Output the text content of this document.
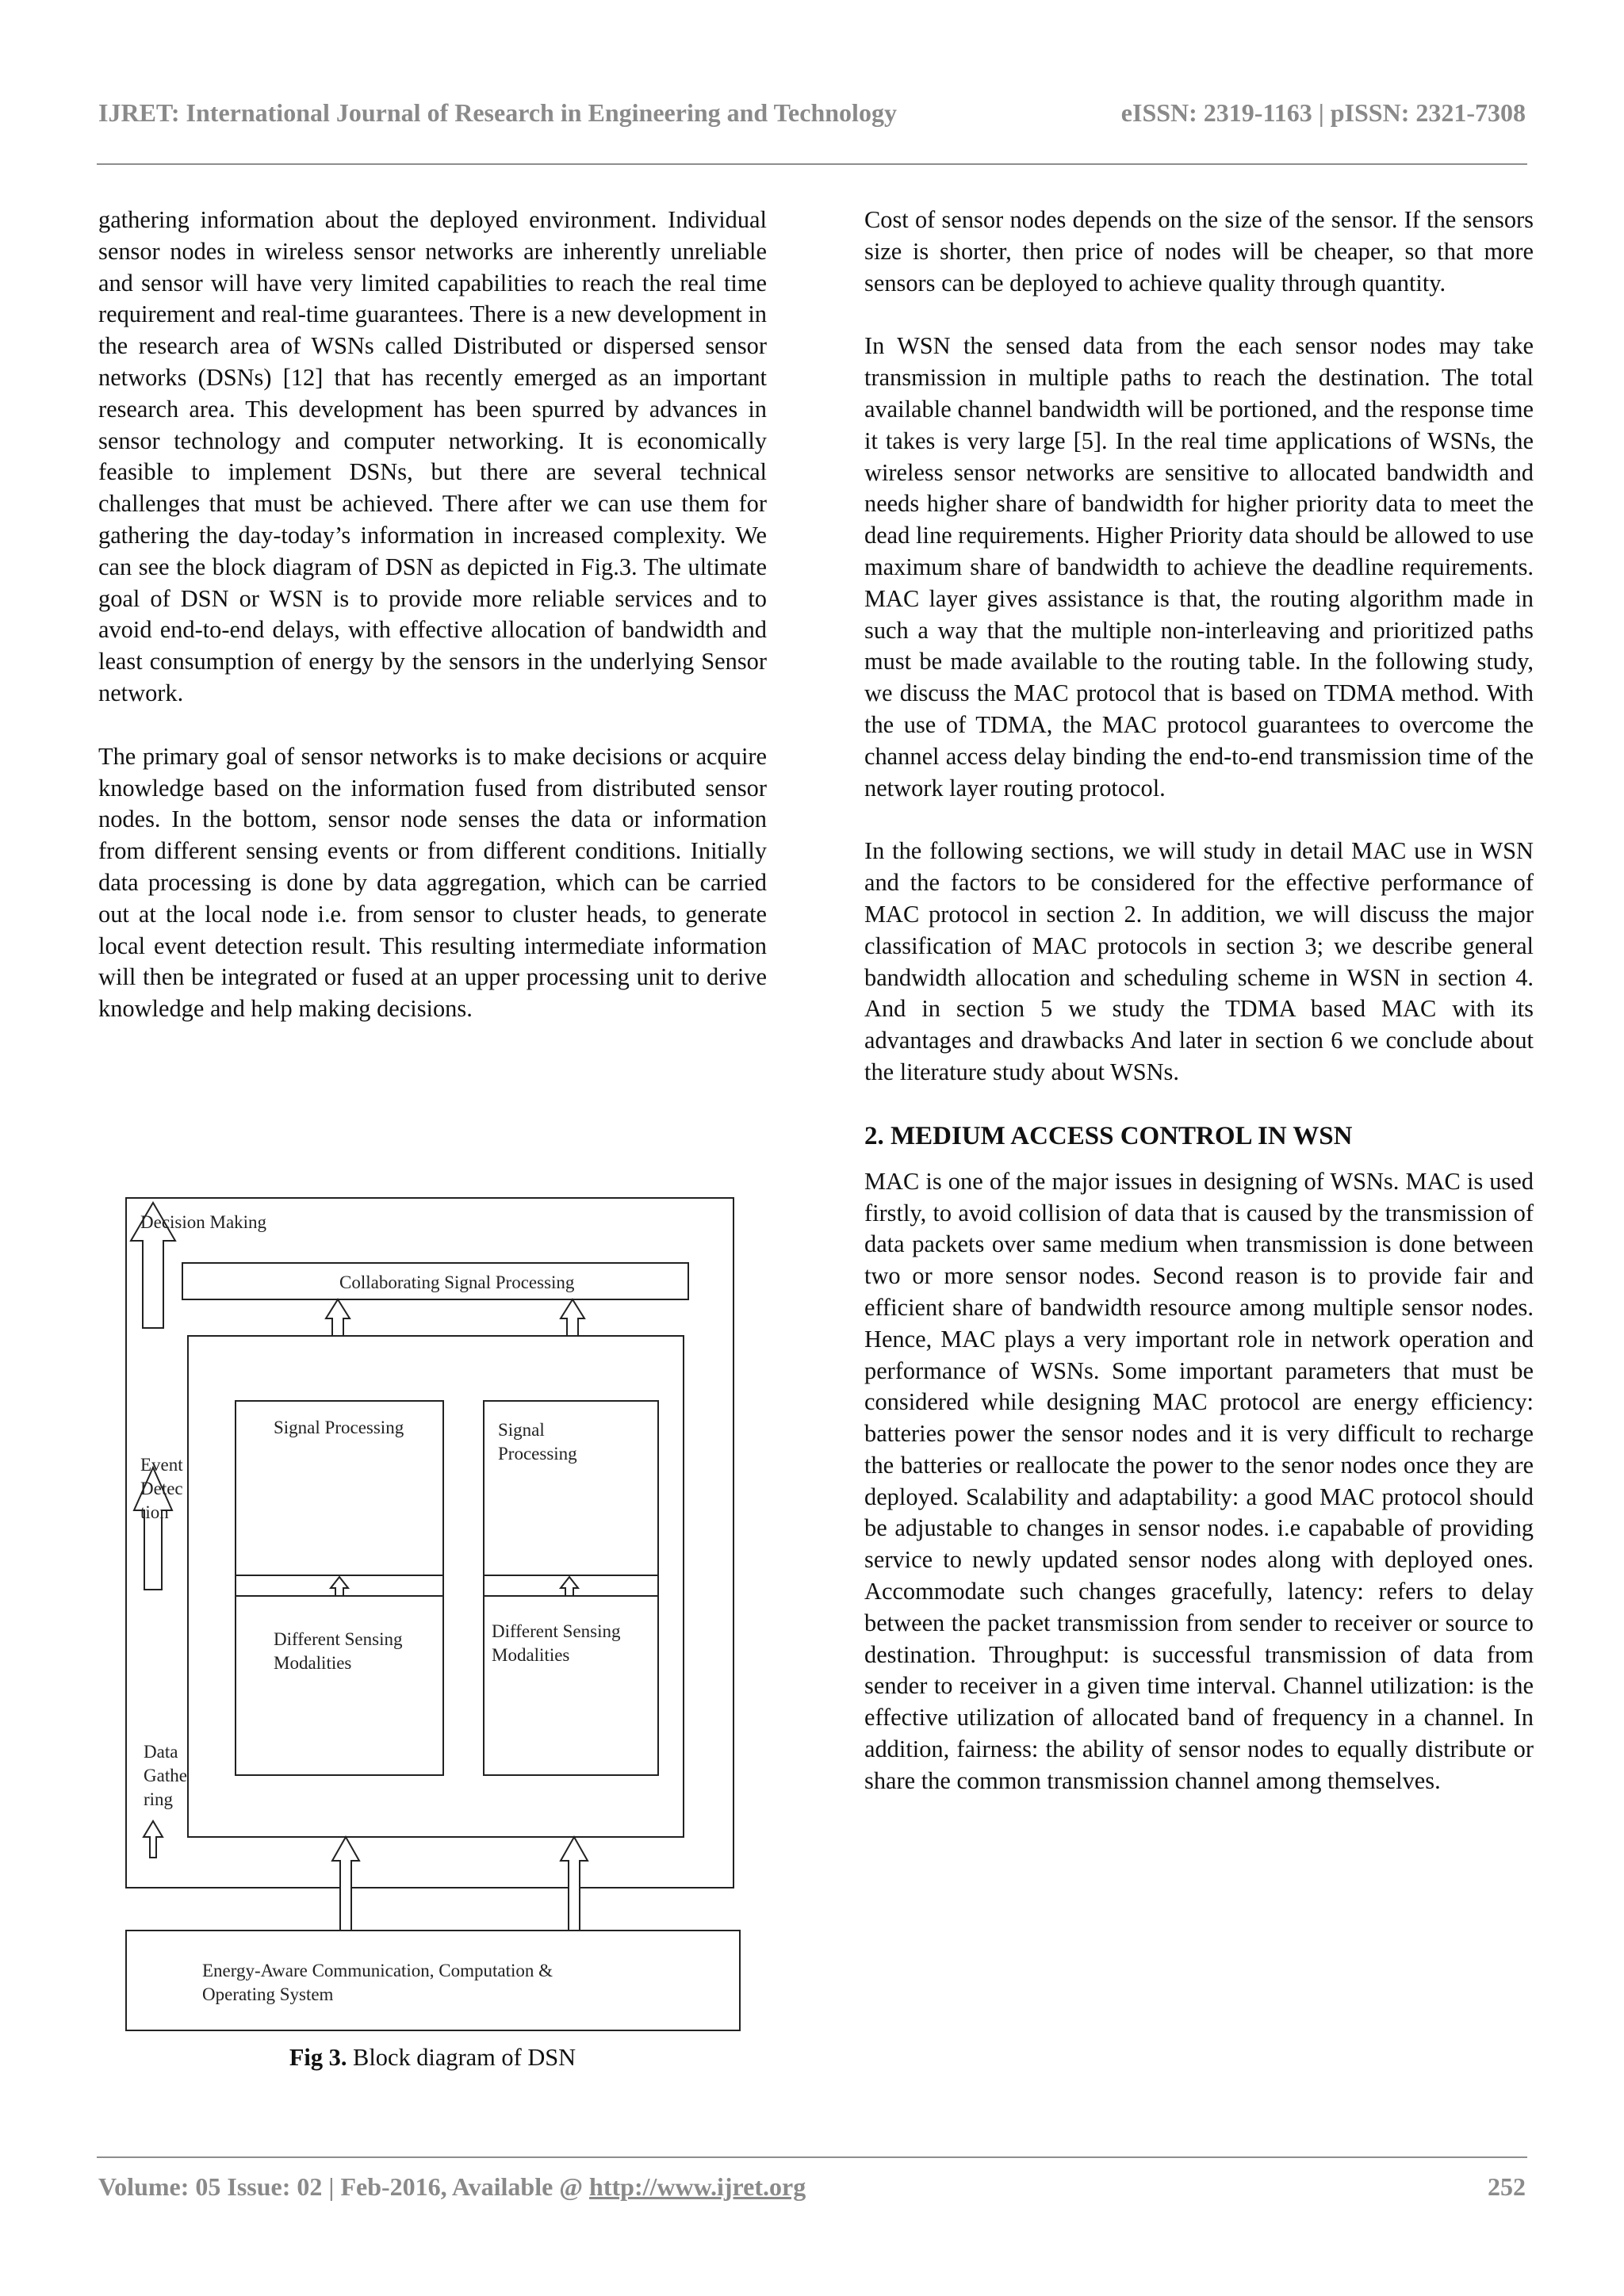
IJRET: International Journal of Research in Engineering and Technology	eISSN: 2319-1163 | pISSN: 2321-7308

gathering information about the deployed environment. Individual sensor nodes in wireless sensor networks are inherently unreliable and sensor will have very limited capabilities to reach the real time requirement and real-time guarantees. There is a new development in the research area of WSNs called Distributed or dispersed sensor networks (DSNs) [12] that has recently emerged as an important research area. This development has been spurred by advances in sensor technology and computer networking. It is economically feasible to implement DSNs, but there are several technical challenges that must be achieved. There after we can use them for gathering the day-today’s information in increased complexity. We can see the block diagram of DSN as depicted in Fig.3. The ultimate goal of DSN or WSN is to provide more reliable services and to avoid end-to-end delays, with effective allocation of bandwidth and least consumption of energy by the sensors in the underlying Sensor network.

The primary goal of sensor networks is to make decisions or acquire knowledge based on the information fused from distributed sensor nodes. In the bottom, sensor node senses the data or information from different sensing events or from different conditions. Initially data processing is done by data aggregation, which can be carried out at the local node i.e. from sensor to cluster heads, to generate local event detection result. This resulting intermediate information will then be integrated or fused at an upper processing unit to derive knowledge and help making decisions.

Decision Making
Collaborating Signal Processing
Signal Processing	Signal
Processing
Different Sensing
Modalities
Different Sensing
Modalities
Event
Detec
tion
Data
Gathe
ring
Energy-Aware Communication, Computation &
Operating System
Fig 3. Block diagram of DSN

Cost of sensor nodes depends on the size of the sensor. If the sensors size is shorter, then price of nodes will be cheaper, so that more sensors can be deployed to achieve quality through quantity.

In WSN the sensed data from the each sensor nodes may take transmission in multiple paths to reach the destination. The total available channel bandwidth will be portioned, and the response time it takes is very large [5]. In the real time applications of WSNs, the wireless sensor networks are sensitive to allocated bandwidth and needs higher share of bandwidth for higher priority data to meet the dead line requirements. Higher Priority data should be allowed to use maximum share of bandwidth to achieve the deadline requirements. MAC layer gives assistance is that, the routing algorithm made in such a way that the multiple non-interleaving and prioritized paths must be made available to the routing table. In the following study, we discuss the MAC protocol that is based on TDMA method. With the use of TDMA, the MAC protocol guarantees to overcome the channel access delay binding the end-to-end transmission time of the network layer routing protocol.

In the following sections, we will study in detail MAC use in WSN and the factors to be considered for the effective performance of MAC protocol in section 2. In addition, we will discuss the major classification of MAC protocols in section 3; we describe general bandwidth allocation and scheduling scheme in WSN in section 4. And in section 5 we study the TDMA based MAC with its advantages and drawbacks And later in section 6 we conclude about the literature study about WSNs.

2. MEDIUM ACCESS CONTROL IN WSN

MAC is one of the major issues in designing of WSNs. MAC is used firstly, to avoid collision of data that is caused by the transmission of data packets over same medium when transmission is done between two or more sensor nodes. Second reason is to provide fair and efficient share of bandwidth resource among multiple sensor nodes. Hence, MAC plays a very important role in network operation and performance of WSNs. Some important parameters that must be considered while designing MAC protocol are energy efficiency: batteries power the sensor nodes and it is very difficult to recharge the batteries or reallocate the power to the senor nodes once they are deployed. Scalability and adaptability: a good MAC protocol should be adjustable to changes in sensor nodes. i.e capabable of providing service to newly updated sensor nodes along with deployed ones. Accommodate such changes gracefully, latency: refers to delay between the packet transmission from sender to receiver or source to destination. Throughput: is successful transmission of data from sender to receiver in a given time interval. Channel utilization: is the effective utilization of allocated band of frequency in a channel. In addition, fairness: the ability of sensor nodes to equally distribute or share the common transmission channel among themselves.

Volume: 05 Issue: 02 | Feb-2016, Available @ http://www.ijret.org	252
